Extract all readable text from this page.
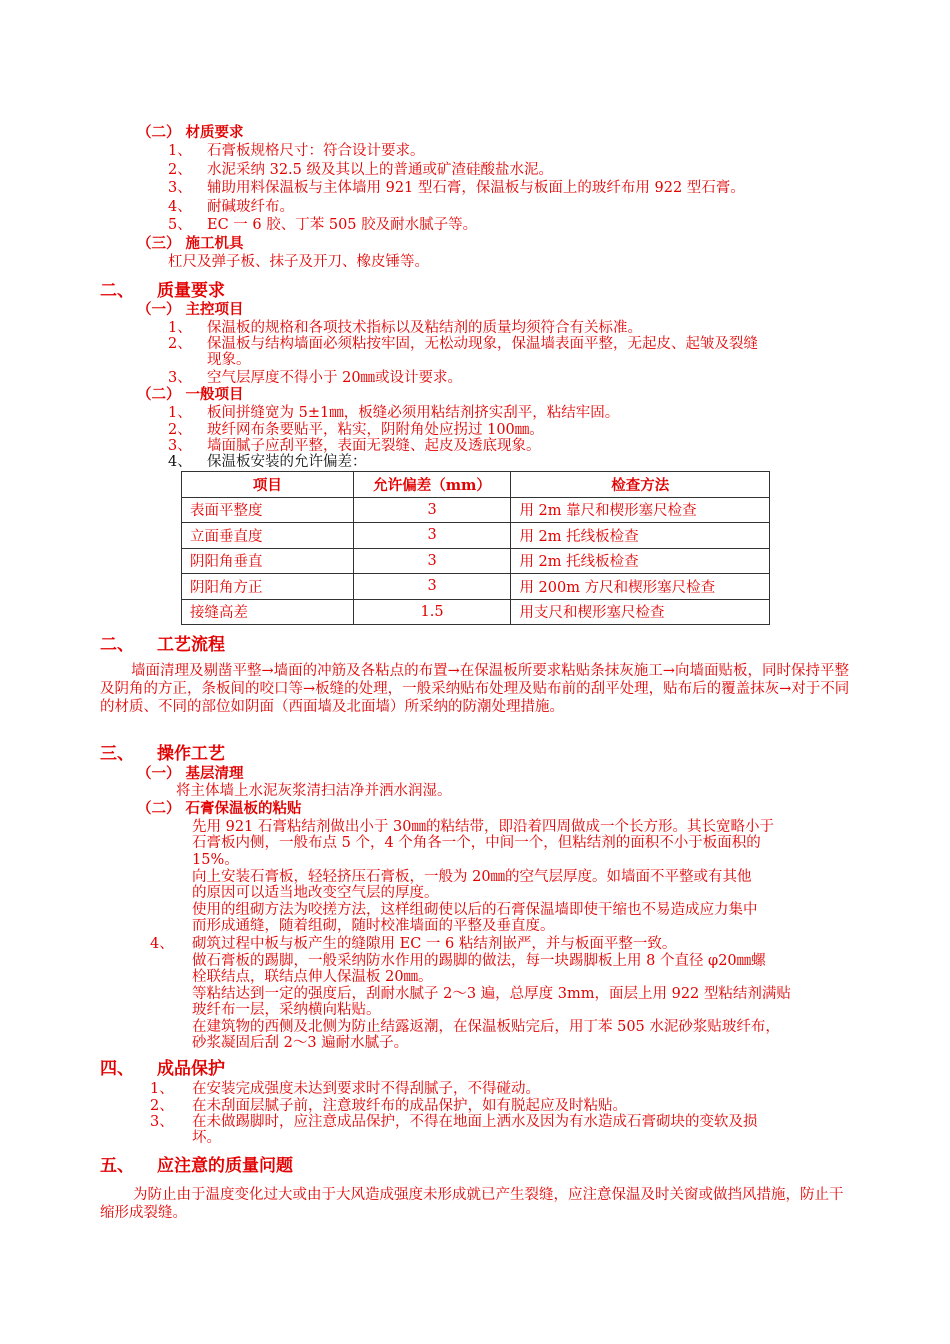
（二） 材质要求
1、 石膏板规格尺寸：符合设计要求。
2、 水泥采纳 32.5 级及其以上的普通或矿渣硅酸盐水泥。
3、 辅助用料保温板与主体墙用 921 型石膏，保温板与板面上的玻纤布用 922 型石膏。
4、 耐碱玻纤布。
5、 EC 一 6 胶、丁苯 505 胶及耐水腻子等。
（三） 施工机具
杠尺及弹子板、抹子及开刀、橡皮锤等。
二、 质量要求
（一） 主控项目
1、 保温板的规格和各项技术指标以及粘结剂的质量均须符合有关标准。
2、 保温板与结构墙面必须粘按牢固，无松动现象，保温墙表面平整，无起皮、起皱及裂缝
现象。
3、 空气层厚度不得小于 20㎜或设计要求。
（二） 一般项目
1、 板间拼缝宽为 5±1㎜，板缝必须用粘结剂挤实刮平，粘结牢固。
2、 玻纤网布条要贴平，粘实，阴附角处应拐过 100㎜。
3、 墙面腻子应刮平整，表面无裂缝、起皮及透底现象。
4、 保温板安装的允许偏差：
项目	允许偏差（mm）	检查方法
表面平整度	3	用 2m 靠尺和楔形塞尺检查
立面垂直度	3	用 2m 托线板检查
阴阳角垂直	3	用 2m 托线板检查
阴阳角方正	3	用 200m 方尺和楔形塞尺检查
接缝高差	1.5	用支尺和楔形塞尺检查
二、 工艺流程
墙面清理及剔凿平整→墙面的冲筋及各粘点的布置→在保温板所要求粘贴条抹灰施工→向墙面贴板，同时保持平整及阴角的方正，条板间的咬口等→板缝的处理，一般采纳贴布处理及贴布前的刮平处理，贴布后的覆盖抹灰→对于不同的材质、不同的部位如阴面（西面墙及北面墙）所采纳的防潮处理措施。
三、 操作工艺
（一） 基层清理
将主体墙上水泥灰浆清扫洁净并洒水润湿。
（二） 石膏保温板的粘贴
先用 921 石膏粘结剂做出小于 30㎜的粘结带，即沿着四周做成一个长方形。其长宽略小于
石膏板内侧，一般布点 5 个，4 个角各一个，中间一个，但粘结剂的面积不小于板面积的
15%。
向上安装石膏板，轻轻挤压石膏板，一般为 20㎜的空气层厚度。如墙面不平整或有其他
的原因可以适当地改变空气层的厚度。
使用的组砌方法为咬搓方法，这样组砌使以后的石膏保温墙即使干缩也不易造成应力集中
而形成通缝，随着组砌，随时校准墙面的平整及垂直度。
4、 砌筑过程中板与板产生的缝隙用 EC 一 6 粘结剂嵌严，并与板面平整一致。
做石膏板的踢脚，一般采纳防水作用的踢脚的做法，每一块踢脚板上用 8 个直径 φ20㎜螺
栓联结点，联结点伸人保温板 20㎜。
等粘结达到一定的强度后，刮耐水腻子 2～3 遍，总厚度 3mm，面层上用 922 型粘结剂满贴
玻纤布一层，采纳横向粘贴。
在建筑物的西侧及北侧为防止结露返潮，在保温板贴完后，用丁苯 505 水泥砂浆贴玻纤布，
砂浆凝固后刮 2～3 遍耐水腻子。
四、 成品保护
1、 在安装完成强度未达到要求时不得刮腻子，不得碰动。
2、 在未刮面层腻子前，注意玻纤布的成品保护，如有脱起应及时粘贴。
3、 在未做踢脚时，应注意成品保护，不得在地面上洒水及因为有水造成石膏砌块的变软及损
坏。
五、 应注意的质量问题
为防止由于温度变化过大或由于大风造成强度未形成就已产生裂缝，应注意保温及时关窗或做挡风措施，防止干缩形成裂缝。
